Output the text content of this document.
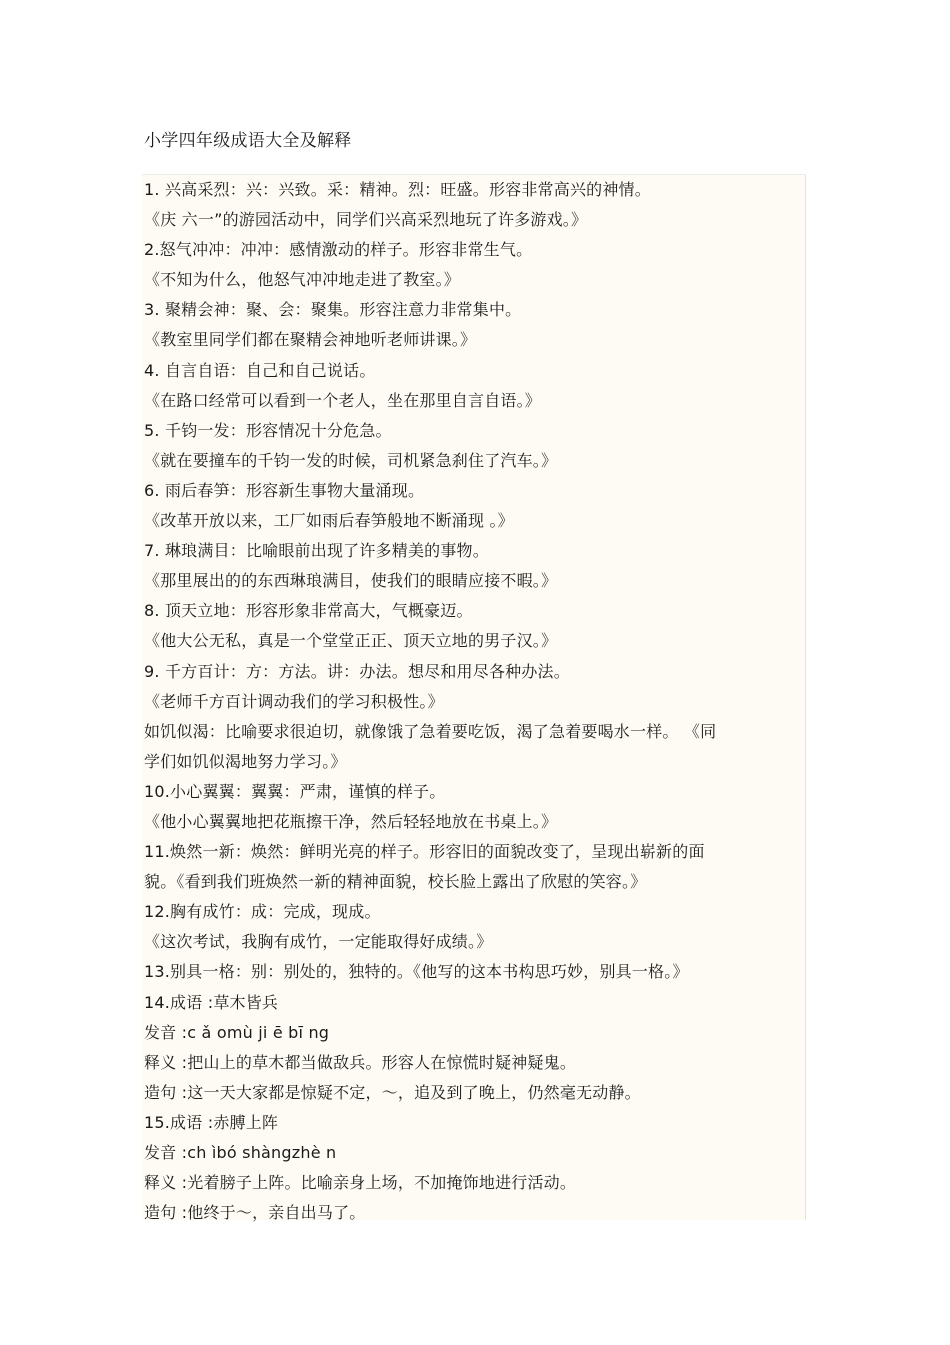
小学四年级成语大全及解释
1. 兴高采烈：兴：兴致。采：精神。烈：旺盛。形容非常高兴的神情。
《庆 六一”的游园活动中，同学们兴高采烈地玩了许多游戏。》
2.怒气冲冲：冲冲：感情激动的样子。形容非常生气。
《不知为什么，他怒气冲冲地走进了教室。》
3. 聚精会神：聚、会：聚集。形容注意力非常集中。
《教室里同学们都在聚精会神地听老师讲课。》
4. 自言自语：自己和自己说话。
《在路口经常可以看到一个老人，坐在那里自言自语。》
5. 千钧一发：形容情况十分危急。
《就在要撞车的千钧一发的时候，司机紧急刹住了汽车。》
6. 雨后春笋：形容新生事物大量涌现。
《改革开放以来，工厂如雨后春笋般地不断涌现 。》
7. 琳琅满目：比喻眼前出现了许多精美的事物。
《那里展出的的东西琳琅满目，使我们的眼睛应接不暇。》
8. 顶天立地：形容形象非常高大，气概豪迈。
《他大公无私，真是一个堂堂正正、顶天立地的男子汉。》
9. 千方百计：方：方法。讲：办法。想尽和用尽各种办法。
《老师千方百计调动我们的学习积极性。》
如饥似渴：比喻要求很迫切，就像饿了急着要吃饭，渴了急着要喝水一样。 《同
学们如饥似渴地努力学习。》
10.小心翼翼：翼翼：严肃，谨慎的样子。
《他小心翼翼地把花瓶擦干净，然后轻轻地放在书桌上。》
11.焕然一新：焕然：鲜明光亮的样子。形容旧的面貌改变了，呈现出崭新的面
貌。《看到我们班焕然一新的精神面貌，校长脸上露出了欣慰的笑容。》
12.胸有成竹：成：完成，现成。
《这次考试，我胸有成竹，一定能取得好成绩。》
13.别具一格：别：别处的，独特的。《他写的这本书构思巧妙，别具一格。》
14.成语 :草木皆兵
发音 :c ǎ omù ji ē bī ng
释义 :把山上的草木都当做敌兵。形容人在惊慌时疑神疑鬼。
造句 :这一天大家都是惊疑不定，～，追及到了晚上，仍然毫无动静。
15.成语 :赤膊上阵
发音 :ch ìbó shàngzhè n
释义 :光着膀子上阵。比喻亲身上场，不加掩饰地进行活动。
造句 :他终于～，亲自出马了。
